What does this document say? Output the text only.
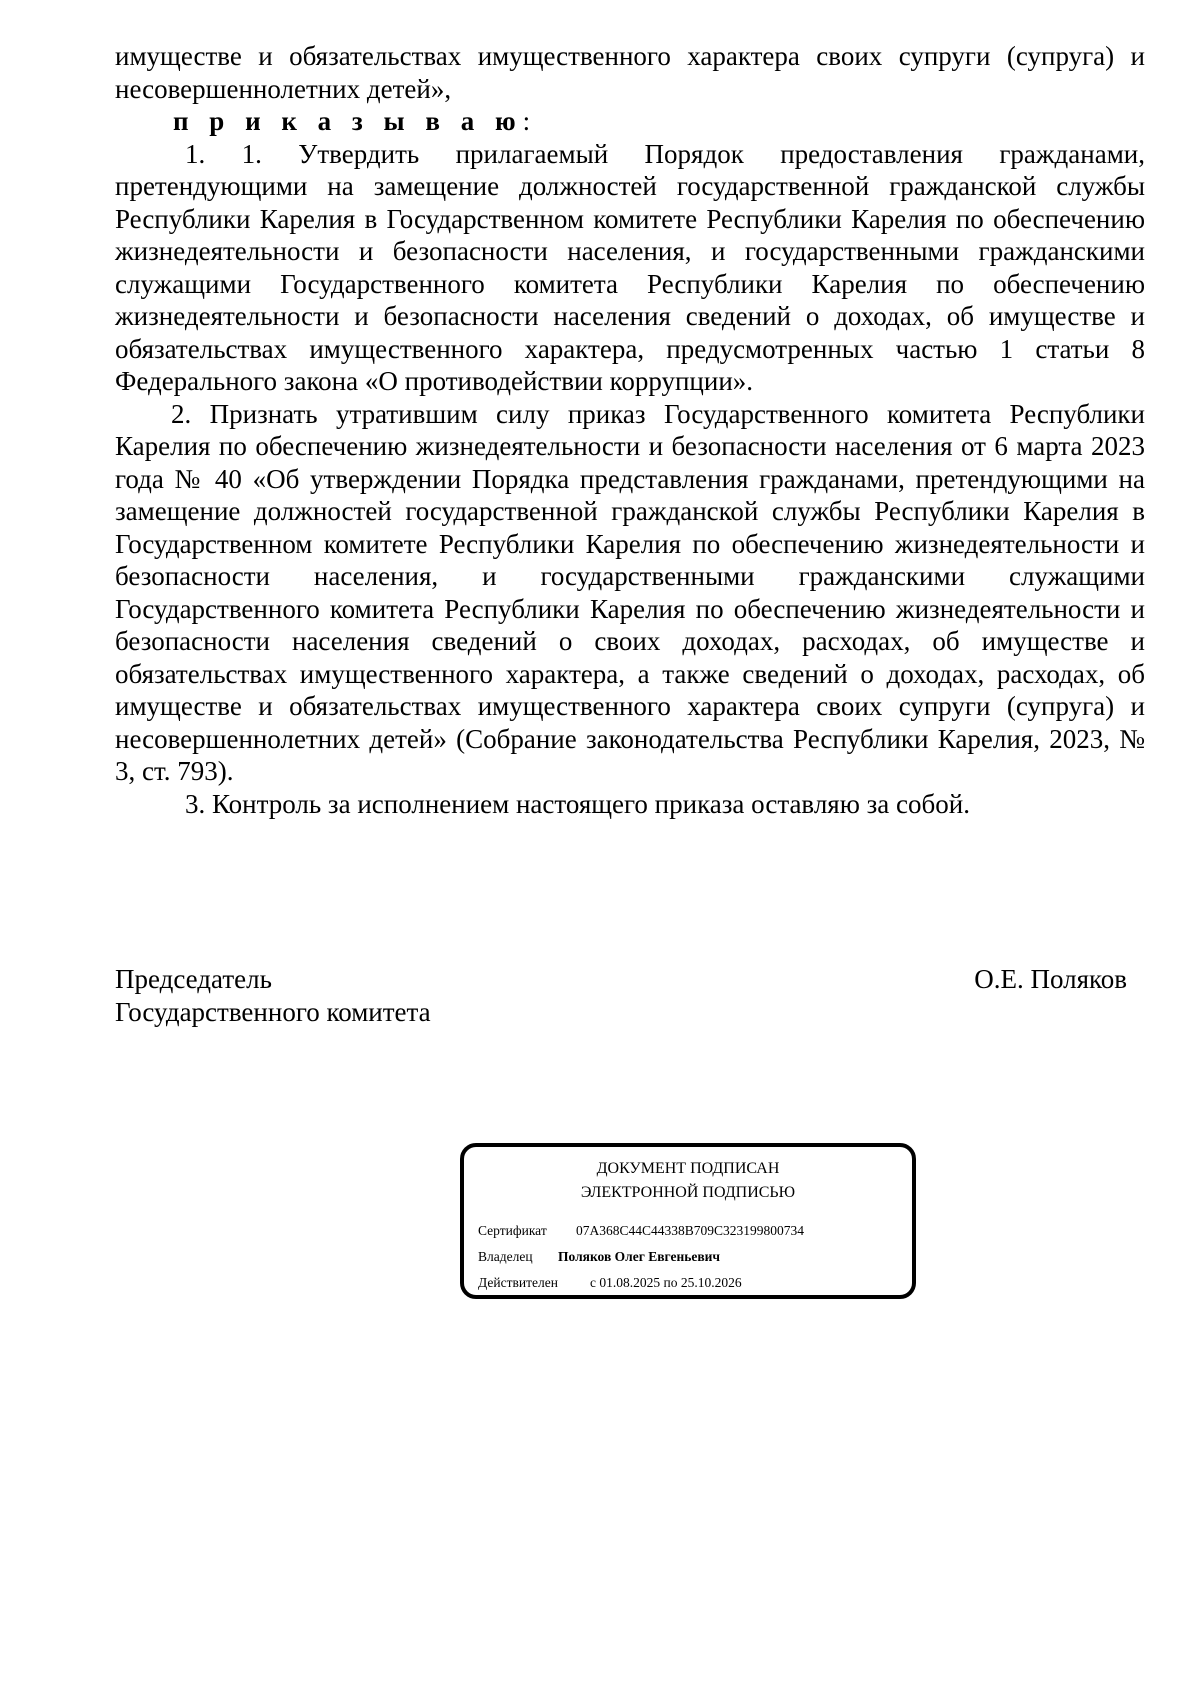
имуществе и обязательствах имущественного характера своих супруги (супруга) и несовершеннолетних детей»,

п р и к а з ы в а ю:

1. 1. Утвердить прилагаемый Порядок предоставления гражданами, претендующими на замещение должностей государственной гражданской службы Республики Карелия в Государственном комитете Республики Карелия по обеспечению жизнедеятельности и безопасности населения, и государственными гражданскими служащими Государственного комитета Республики Карелия по обеспечению жизнедеятельности и безопасности населения сведений о доходах, об имуществе и обязательствах имущественного характера, предусмотренных частью 1 статьи 8 Федерального закона «О противодействии коррупции».

2. Признать утратившим силу приказ Государственного комитета Республики Карелия по обеспечению жизнедеятельности и безопасности населения от 6 марта 2023 года № 40 «Об утверждении Порядка представления гражданами, претендующими на замещение должностей государственной гражданской службы Республики Карелия в Государственном комитете Республики Карелия по обеспечению жизнедеятельности и безопасности населения, и государственными гражданскими служащими Государственного комитета Республики Карелия по обеспечению жизнедеятельности и безопасности населения сведений о своих доходах, расходах, об имуществе и обязательствах имущественного характера, а также сведений о доходах, расходах, об имуществе и обязательствах имущественного характера своих супруги (супруга) и несовершеннолетних детей» (Собрание законодательства Республики Карелия, 2023, № 3, ст. 793).

3. Контроль за исполнением настоящего приказа оставляю за собой.

Председатель
Государственного комитета
О.Е. Поляков
ДОКУМЕНТ ПОДПИСАН
ЭЛЕКТРОННОЙ ПОДПИСЬЮ
Сертификат 07A368C44C44338B709C323199800734
Владелец Поляков Олег Евгеньевич
Действителен с 01.08.2025 по 25.10.2026
